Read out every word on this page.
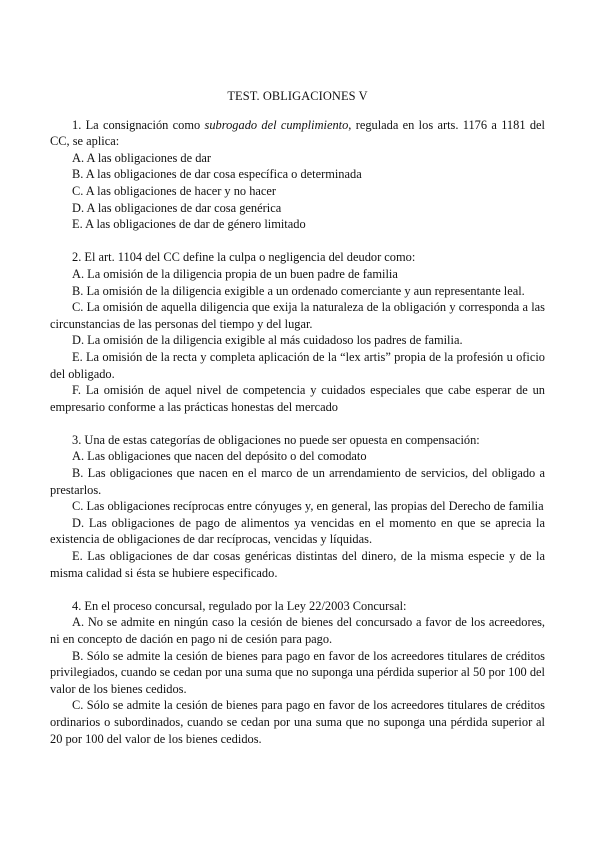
TEST. OBLIGACIONES V
1. La consignación como subrogado del cumplimiento, regulada en los arts. 1176 a 1181 del CC, se aplica:
A. A las obligaciones de dar
B. A las obligaciones de dar cosa específica o determinada
C. A las obligaciones de hacer y no hacer
D. A las obligaciones de dar cosa genérica
E. A las obligaciones de dar de género limitado
2. El art. 1104 del CC define la culpa o negligencia del deudor como:
A. La omisión de la diligencia propia de un buen padre de familia
B. La omisión de la diligencia exigible a un ordenado comerciante y aun representante leal.
C. La omisión de aquella diligencia que exija la naturaleza de la obligación y corresponda a las circunstancias de las personas del tiempo y del lugar.
D. La omisión de la diligencia exigible al más cuidadoso los padres de familia.
E. La omisión de la recta y completa aplicación de la “lex artis” propia de la profesión u oficio del obligado.
F. La omisión de aquel nivel de competencia y cuidados especiales que cabe esperar de un empresario conforme a las prácticas honestas del mercado
3. Una de estas categorías de obligaciones no puede ser opuesta en compensación:
A. Las obligaciones que nacen del depósito o del comodato
B. Las obligaciones que nacen en el marco de un arrendamiento de servicios, del obligado a prestarlos.
C. Las obligaciones recíprocas entre cónyuges y, en general, las propias del Derecho de familia
D. Las obligaciones de pago de alimentos ya vencidas en el momento en que se aprecia la existencia de obligaciones de dar recíprocas, vencidas y líquidas.
E. Las obligaciones de dar cosas genéricas distintas del dinero, de la misma especie y de la misma calidad si ésta se hubiere especificado.
4. En el proceso concursal, regulado por la Ley 22/2003 Concursal:
A. No se admite en ningún caso la cesión de bienes del concursado a favor de los acreedores, ni en concepto de dación en pago ni de cesión para pago.
B. Sólo se admite la cesión de bienes para pago en favor de los acreedores titulares de créditos privilegiados, cuando se cedan por una suma que no suponga una pérdida superior al 50 por 100 del valor de los bienes cedidos.
C. Sólo se admite la cesión de bienes para pago en favor de los acreedores titulares de créditos ordinarios o subordinados, cuando se cedan por una suma que no suponga una pérdida superior al 20 por 100 del valor de los bienes cedidos.
